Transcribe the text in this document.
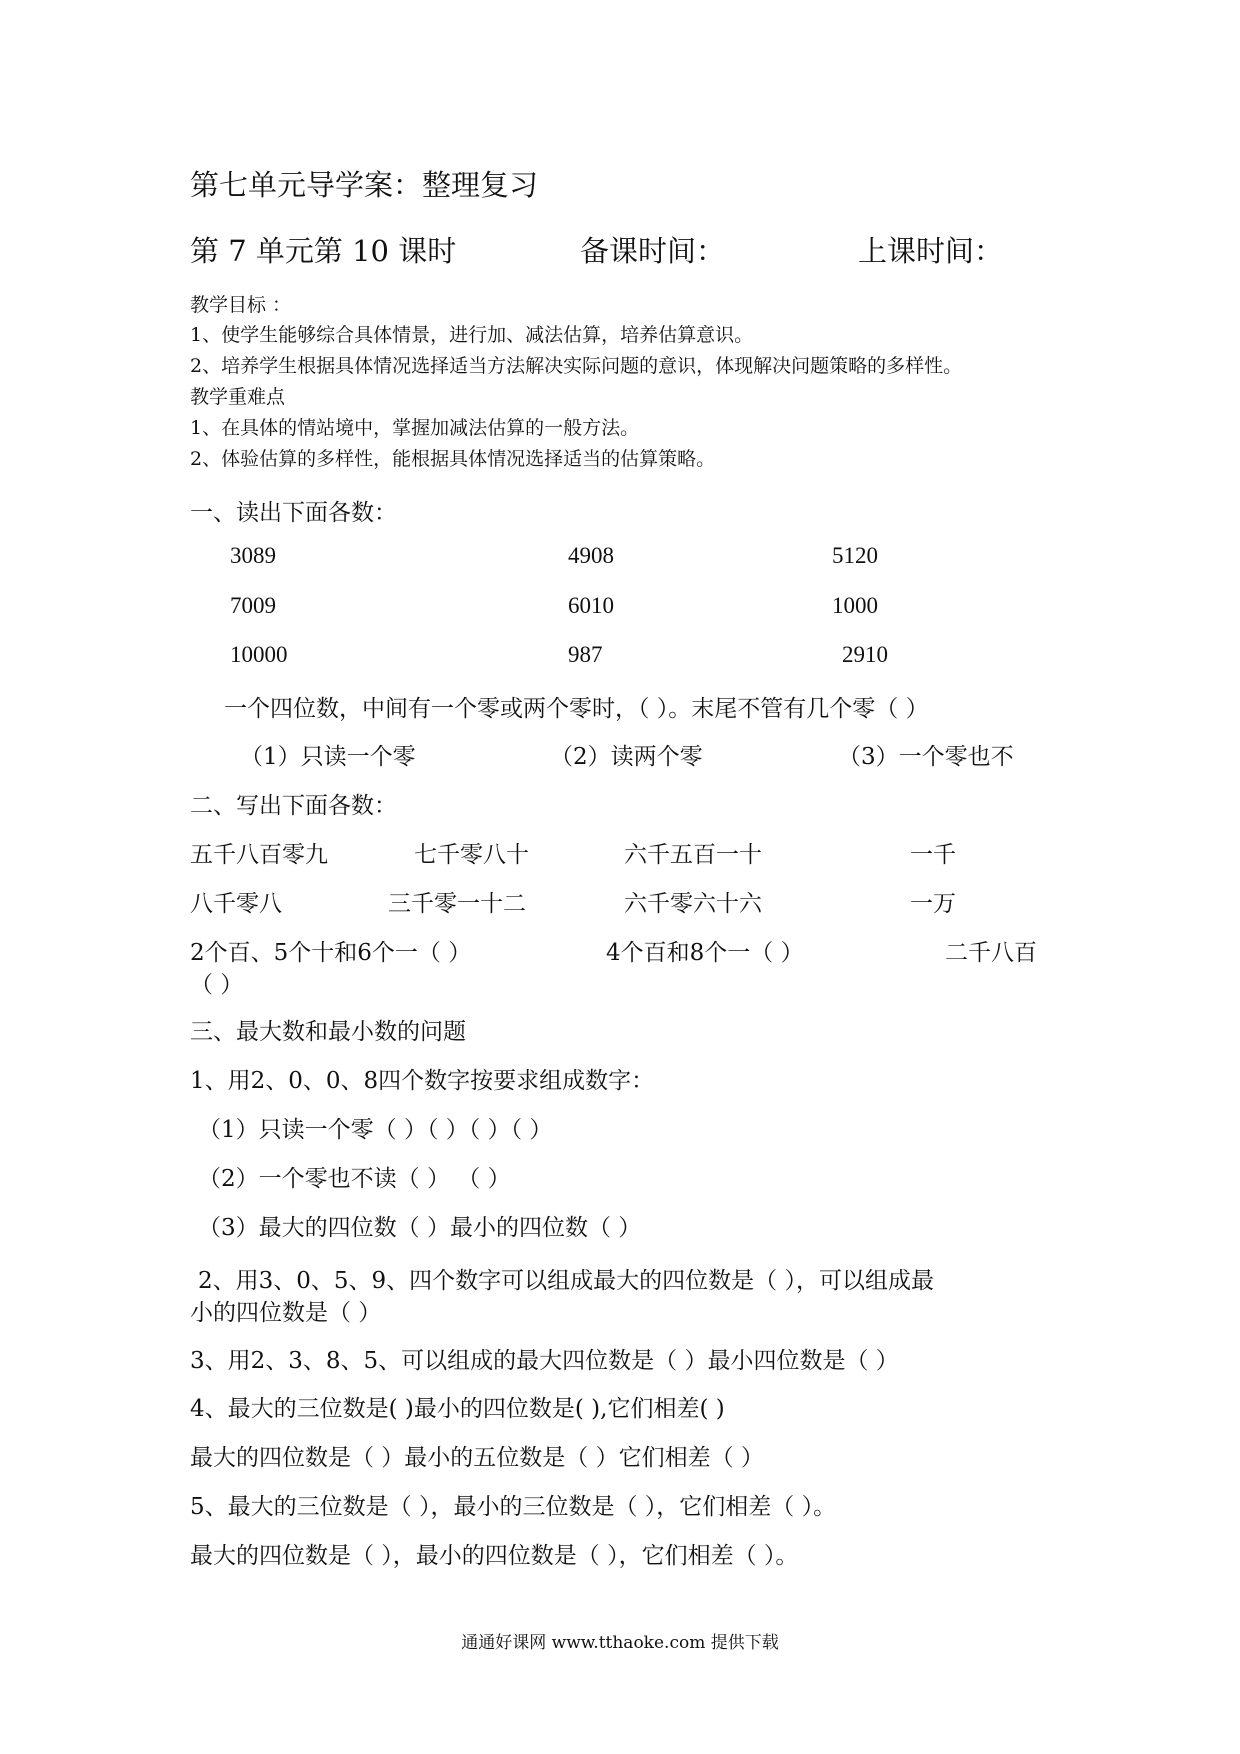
第七单元导学案：整理复习
第 7 单元第 10 课时	备课时间：	上课时间：
教学目标 ：
1、使学生能够综合具体情景，进行加、减法估算，培养估算意识。
2、培养学生根据具体情况选择适当方法解决实际问题的意识，体现解决问题策略的多样性。
教学重难点
1、在具体的情站境中，掌握加减法估算的一般方法。
2、体验估算的多样性，能根据具体情况选择适当的估算策略。
一、读出下面各数：
3089	4908	5120
7009	6010	1000
10000	987	2910
一个四位数，中间有一个零或两个零时，（ ）。末尾不管有几个零（ ）
（1）只读一个零	（2）读两个零	（3）一个零也不
二、写出下面各数：
五千八百零九	七千零八十	六千五百一十	一千
八千零八	三千零一十二	六千零六十六	一万
2个百、5个十和6个一（ ）	4个百和8个一（ ）	二千八百
（ ）
三、最大数和最小数的问题
1、用2、0、0、8四个数字按要求组成数字：
（1）只读一个零（ ）（ ）（ ）（ ）
（2）一个零也不读（ ） （ ）
（3）最大的四位数（ ）最小的四位数（ ）
2、用3、0、5、9、四个数字可以组成最大的四位数是（ ），可以组成最
小的四位数是（ ）
3、用2、3、8、5、可以组成的最大四位数是（ ）最小四位数是（ ）
4、最大的三位数是( )最小的四位数是( ),它们相差( )
最大的四位数是（ ）最小的五位数是（ ）它们相差（ ）
5、最大的三位数是（ ），最小的三位数是（ ），它们相差（ ）。
最大的四位数是（ ），最小的四位数是（ ），它们相差（ ）。
通通好课网 www.tthaoke.com 提供下载
